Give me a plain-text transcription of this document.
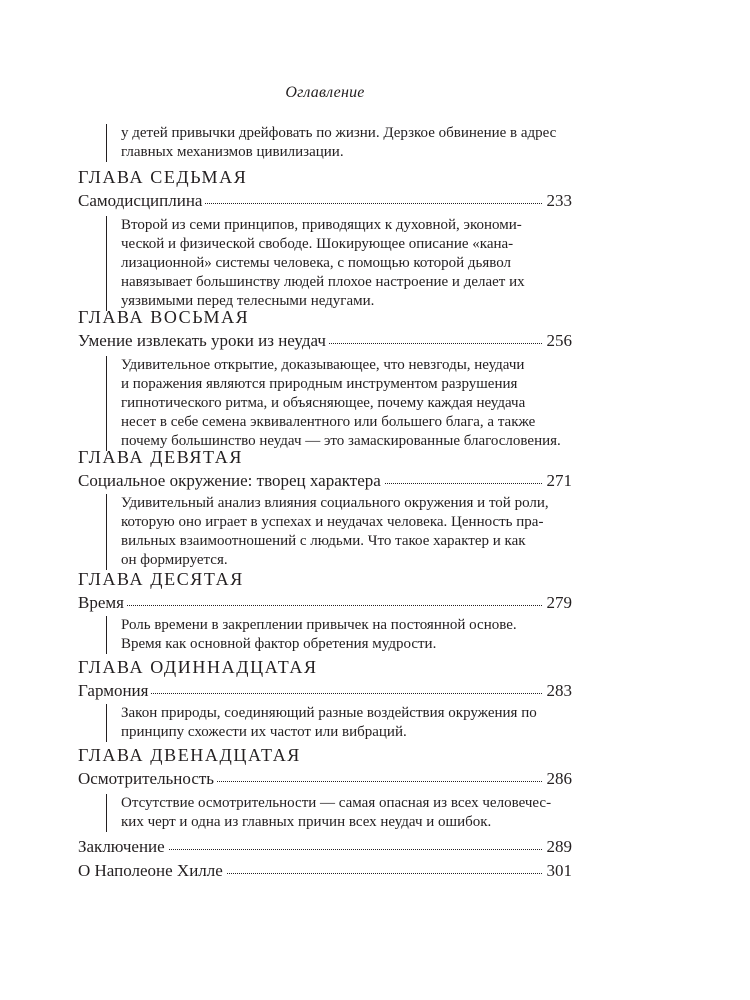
Оглавление
у детей привычки дрейфовать по жизни. Дерзкое обвинение в адрес
главных механизмов цивилизации.
ГЛАВА СЕДЬМАЯ
Самодисциплина	233
Второй из семи принципов, приводящих к духовной, экономи-
ческой и физической свободе. Шокирующее описание «кана-
лизационной» системы человека, с помощью которой дьявол
навязывает большинству людей плохое настроение и делает их
уязвимыми перед телесными недугами.
ГЛАВА ВОСЬМАЯ
Умение извлекать уроки из неудач	256
Удивительное открытие, доказывающее, что невзгоды, неудачи
и поражения являются природным инструментом разрушения
гипнотического ритма, и объясняющее, почему каждая неудача
несет в себе семена эквивалентного или большего блага, а также
почему большинство неудач — это замаскированные благословения.
ГЛАВА ДЕВЯТАЯ
Социальное окружение: творец характера	271
Удивительный анализ влияния социального окружения и той роли,
которую оно играет в успехах и неудачах человека. Ценность пра-
вильных взаимоотношений с людьми. Что такое характер и как
он формируется.
ГЛАВА ДЕСЯТАЯ
Время	279
Роль времени в закреплении привычек на постоянной основе.
Время как основной фактор обретения мудрости.
ГЛАВА ОДИННАДЦАТАЯ
Гармония	283
Закон природы, соединяющий разные воздействия окружения по
принципу схожести их частот или вибраций.
ГЛАВА ДВЕНАДЦАТАЯ
Осмотрительность	286
Отсутствие осмотрительности — самая опасная из всех человечес-
ких черт и одна из главных причин всех неудач и ошибок.
Заключение	289
О Наполеоне Хилле	301
